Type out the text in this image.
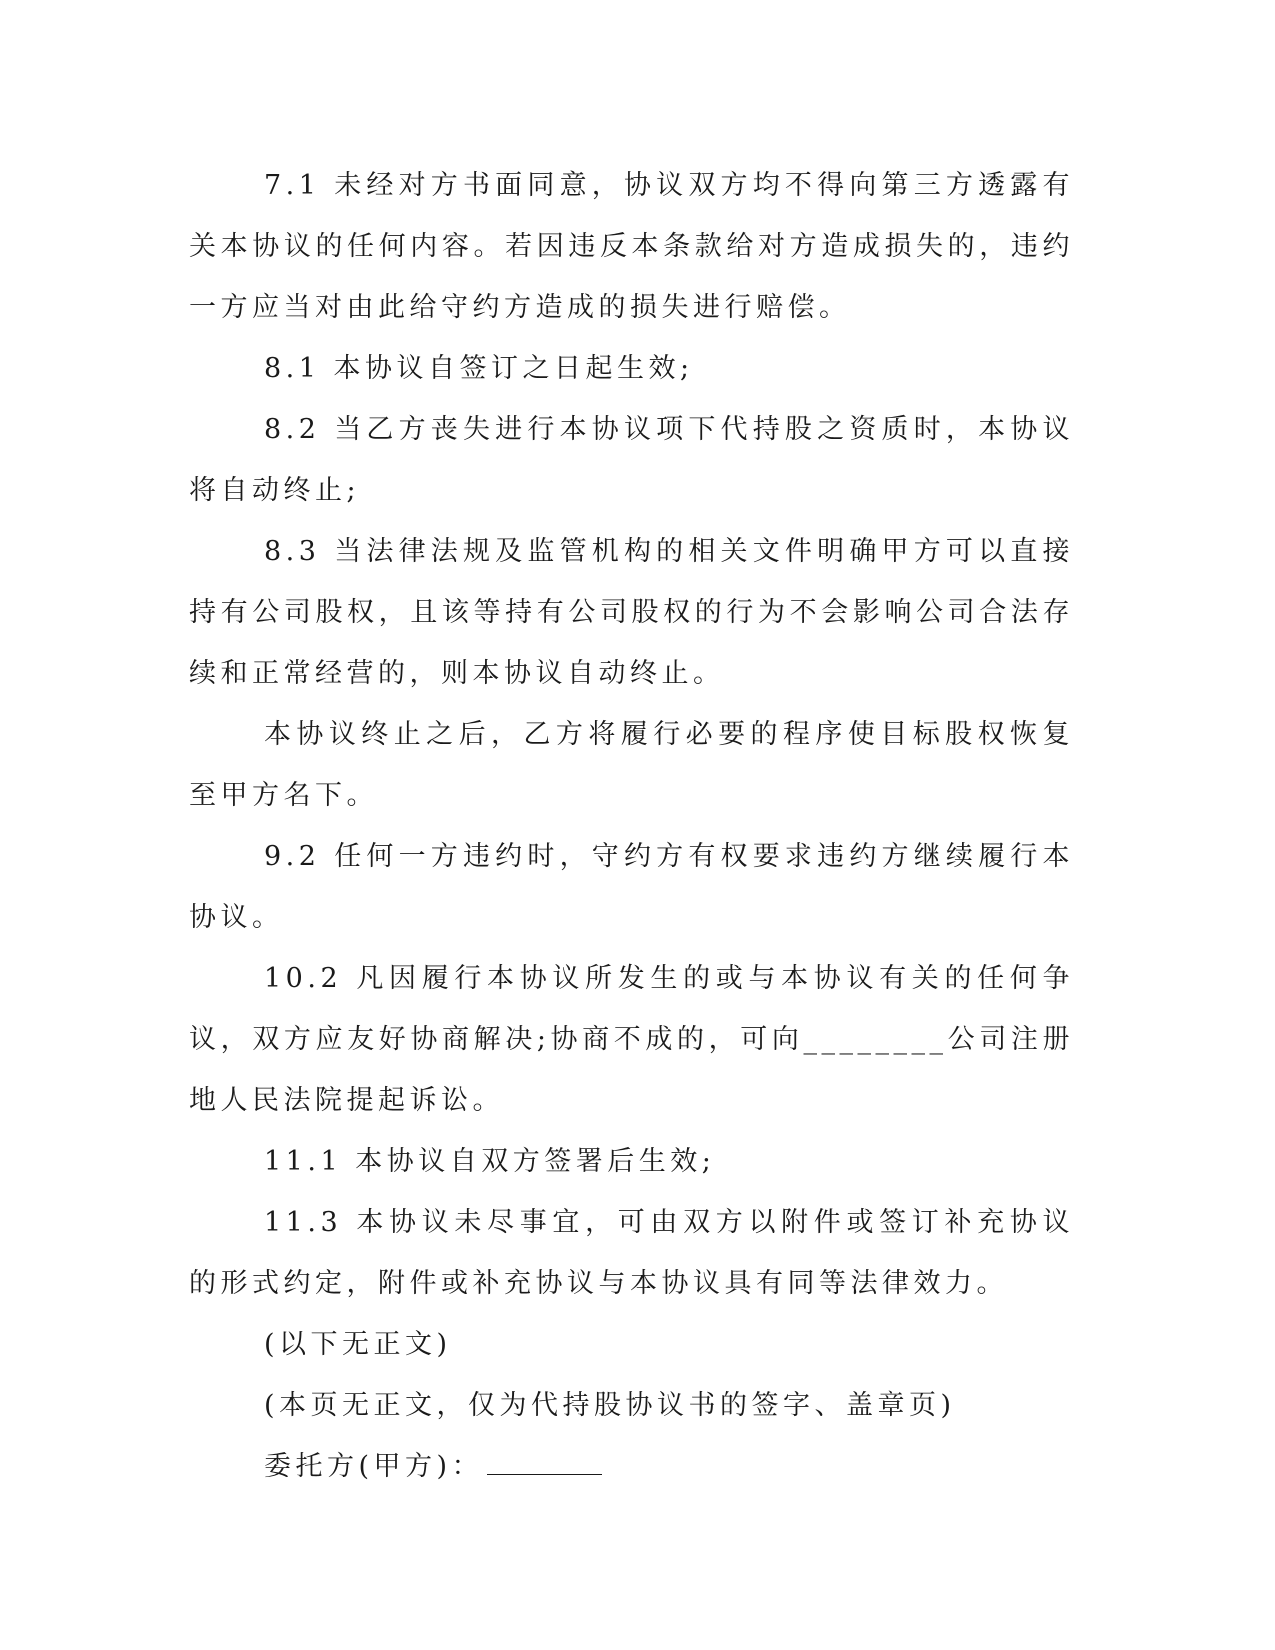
7.1 未经对方书面同意，协议双方均不得向第三方透露有关本协议的任何内容。若因违反本条款给对方造成损失的，违约一方应当对由此给守约方造成的损失进行赔偿。

8.1 本协议自签订之日起生效;

8.2 当乙方丧失进行本协议项下代持股之资质时，本协议将自动终止;

8.3 当法律法规及监管机构的相关文件明确甲方可以直接持有公司股权，且该等持有公司股权的行为不会影响公司合法存续和正常经营的，则本协议自动终止。

本协议终止之后，乙方将履行必要的程序使目标股权恢复至甲方名下。

9.2 任何一方违约时，守约方有权要求违约方继续履行本协议。

10.2 凡因履行本协议所发生的或与本协议有关的任何争议，双方应友好协商解决;协商不成的，可向________公司注册地人民法院提起诉讼。

11.1 本协议自双方签署后生效;

11.3 本协议未尽事宜，可由双方以附件或签订补充协议的形式约定，附件或补充协议与本协议具有同等法律效力。

(以下无正文)

(本页无正文，仅为代持股协议书的签字、盖章页)

委托方(甲方)：
